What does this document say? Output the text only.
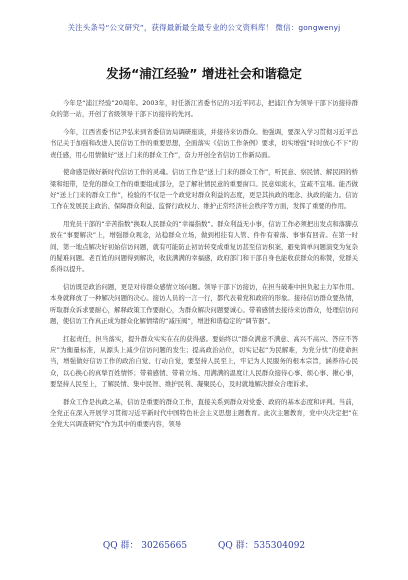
关注头条号“公文研究”，获得最新最全最专业的公文资料库！ 微信：gongwenyj
发扬“浦江经验” 增进社会和谐稳定

今年是“浦江经验”20周年。2003年，时任浙江省委书记的习近平同志，把浦江作为领导干部下访接待群众的第一站，开创了省级领导干部下访接待的先河。

今年，江西省委书记尹弘来到省委信访局调研座谈，并接待来访群众。他强调，要深入学习贯彻习近平总书记关于加强和改进人民信访工作的重要思想，全面落实《信访工作条例》要求，切实增强“时时放心不下”的责任感，用心用情做好“送上门来的群众工作”，奋力开创全省信访工作新局面。

使命感是做好新时代信访工作的灵魂。信访工作是“送上门来的群众工作”，听民意、察民情、解民困的桥梁和纽带，是党的群众工作的重要组成部分，是了解社情民意的重要窗口。民意如流水，宜疏不宜堵。能否做好“送上门来的群众工作”，检验的不仅是一个政党对群众利益的态度，更是其执政的理念、执政的能力。信访工作在发展民主政治、保障群众利益、监督行政权力、维护正常经济社会秩序等方面，发挥了重要的作用。

用党员干部的“辛苦指数”换取人民群众的“幸福指数”。群众利益无小事，信访工作必须把出发点和落脚点放在“事要解决”上，增强群众观念，站稳群众立场，做到相挂有人管、件件有着落、事事有回音。在第一时间、第一地点解决好初始信访问题，就有可能防止初访转变成重复访甚至信访积案，避免简单问题演变为复杂的疑难问题。老百姓的问题得到解决，收获满满的幸福感，政府部门和干部自身也能收获群众的称赞，党群关系得以提升。

信访既是政治问题，更是对待群众感情立场问题。领导干部下访接访，在担当破难中担负起主力军作用。本身就释放了一种解决问题的决心。接访人员的一言一行，都代表着党和政府的形象。接待信访群众要热情，听取群众诉求要耐心，解释政策工作要耐心，为群众解决问题要诚心。带着感情去接待来访群众，处理信访问题，使信访工作真正成为群众化解情绪的“减压阀”，增进和谐稳定的“调节器”。

扛起责任，担当落实，提升群众实实在在的获得感。要始终以“群众满意不满意、高兴不高兴、答应不答应”为衡量标准，从源头上减少信访问题的发生；提高政治站位，切实记起“为民解难，为党分忧”的使命担当，增强做好信访工作的政治自觉、行动自觉，要坚持人民至上，牢记为人民服务的根本宗旨，涵养待心民众，以心换心的真挚百姓情怀；带着感情、带着立场、用满满的温度让人民群众接待心事、烦心事、揪心事，要坚持人民至上，了解民情、集中民智、维护民利、凝聚民心，及时就地解决群众合理诉求。

群众工作是执政之基，信访是重要的群众工作，直接关系到群众对党委、政府的基本态度和评判。当前，全党正在深入开展学习贯彻习近平新时代中国特色社会主义思想主题教育。此次主题教育，党中央决定把“在全党大兴调查研究”作为其中的重要内容，领导

QQ 群： 30265665	QQ 群：535304092
